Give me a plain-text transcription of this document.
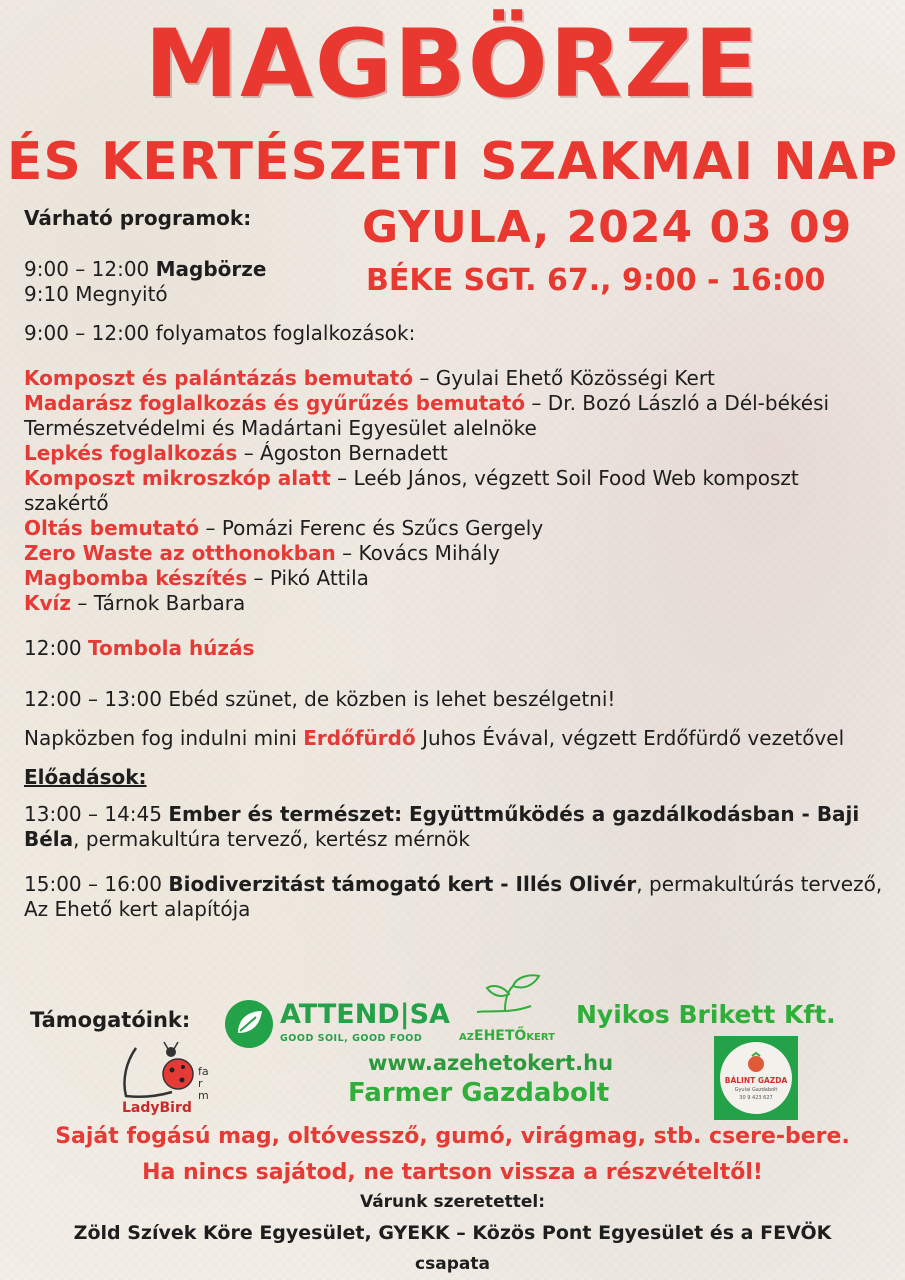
MAGBÖRZE
ÉS KERTÉSZETI SZAKMAI NAP
GYULA, 2024 03 09
BÉKE SGT. 67., 9:00 - 16:00

Várható programok:

9:00 – 12:00 Magbörze

9:10 Megnyitó

9:00 – 12:00 folyamatos foglalkozások:

Komposzt és palántázás bemutató – Gyulai Ehető Közösségi Kert

Madarász foglalkozás és gyűrűzés bemutató – Dr. Bozó László a Dél-békési Természetvédelmi és Madártani Egyesület alelnöke

Lepkés foglalkozás – Ágoston Bernadett

Komposzt mikroszkóp alatt – Leéb János, végzett Soil Food Web komposzt szakértő

Oltás bemutató – Pomázi Ferenc és Szűcs Gergely

Zero Waste az otthonokban – Kovács Mihály

Magbomba készítés – Pikó Attila

Kvíz – Tárnok Barbara

12:00 Tombola húzás

12:00 – 13:00 Ebéd szünet, de közben is lehet beszélgetni!

Napközben fog indulni mini Erdőfürdő Juhos Évával, végzett Erdőfürdő vezetővel

Előadások:

13:00 – 14:45 Ember és természet: Együttműködés a gazdálkodásban - Baji Béla, permakultúra tervező, kertész mérnök

15:00 – 16:00 Biodiverzitást támogató kert - Illés Olivér, permakultúrás tervező, Az Ehető kert alapítója

Támogatóink:	ATTEND|SA
GOOD SOIL, GOOD FOOD	AZEHETŐKERT
Nyikos Brikett Kft.
LadyBird
farm
www.azehetokert.hu
Farmer Gazdabolt	BÁLINT GAZDA
Gyulai Gazdabolt
30 9 423 627
Saját fogású mag, oltóvessző, gumó, virágmag, stb. csere-bere.
Ha nincs sajátod, ne tartson vissza a részvételtől!
Várunk szeretettel:
Zöld Szívek Köre Egyesület, GYEKK – Közös Pont Egyesület és a FEVÖK
csapata
